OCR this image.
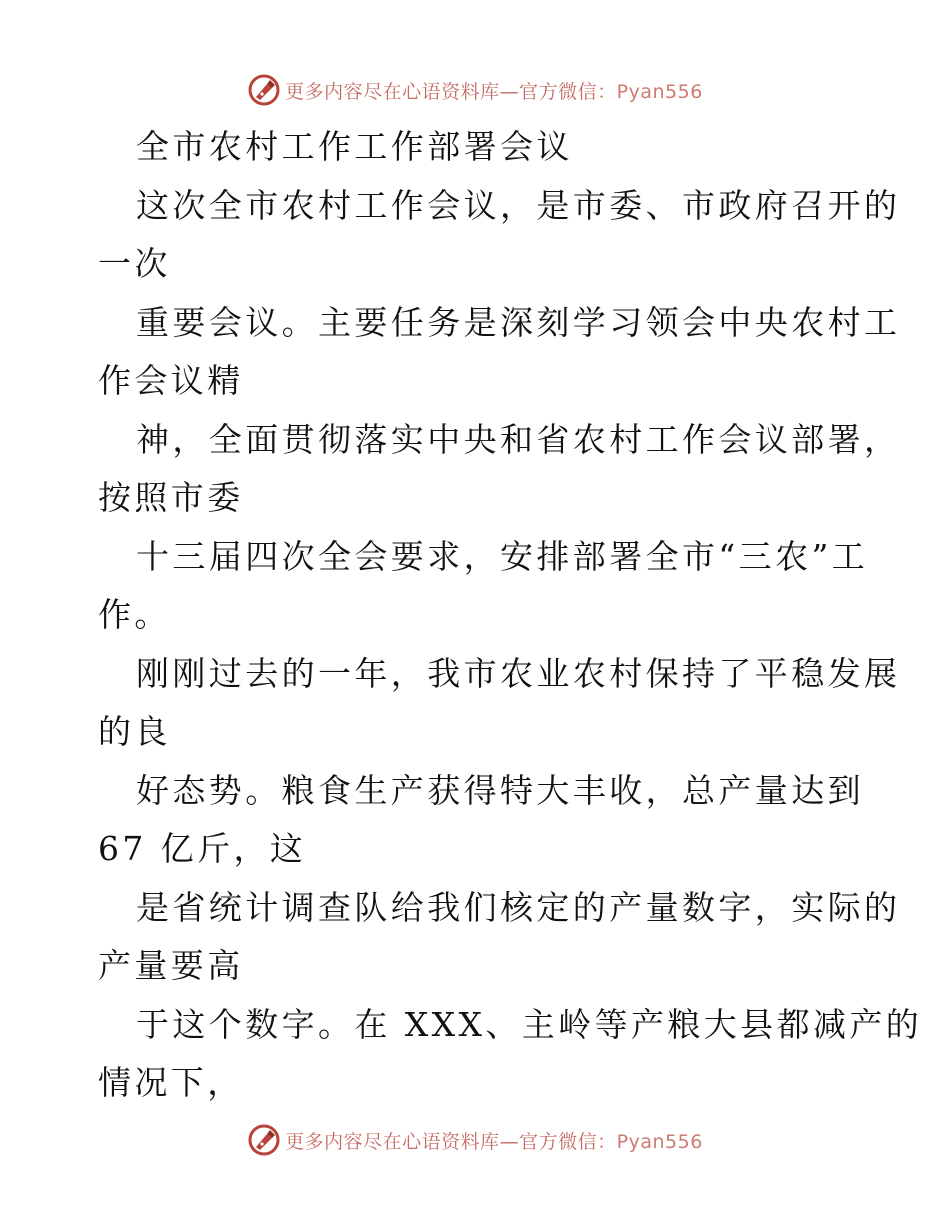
更多内容尽在心语资料库—官方微信：Pyan556
全市农村工作工作部署会议
这次全市农村工作会议，是市委、市政府召开的
一次
重要会议。主要任务是深刻学习领会中央农村工
作会议精
神，全面贯彻落实中央和省农村工作会议部署，
按照市委
十三届四次全会要求，安排部署全市“三农”工
作。
刚刚过去的一年，我市农业农村保持了平稳发展
的良
好态势。粮食生产获得特大丰收，总产量达到
67 亿斤，这
是省统计调查队给我们核定的产量数字，实际的
产量要高
于这个数字。在 XXX、主岭等产粮大县都减产的
情况下，
更多内容尽在心语资料库—官方微信：Pyan556
